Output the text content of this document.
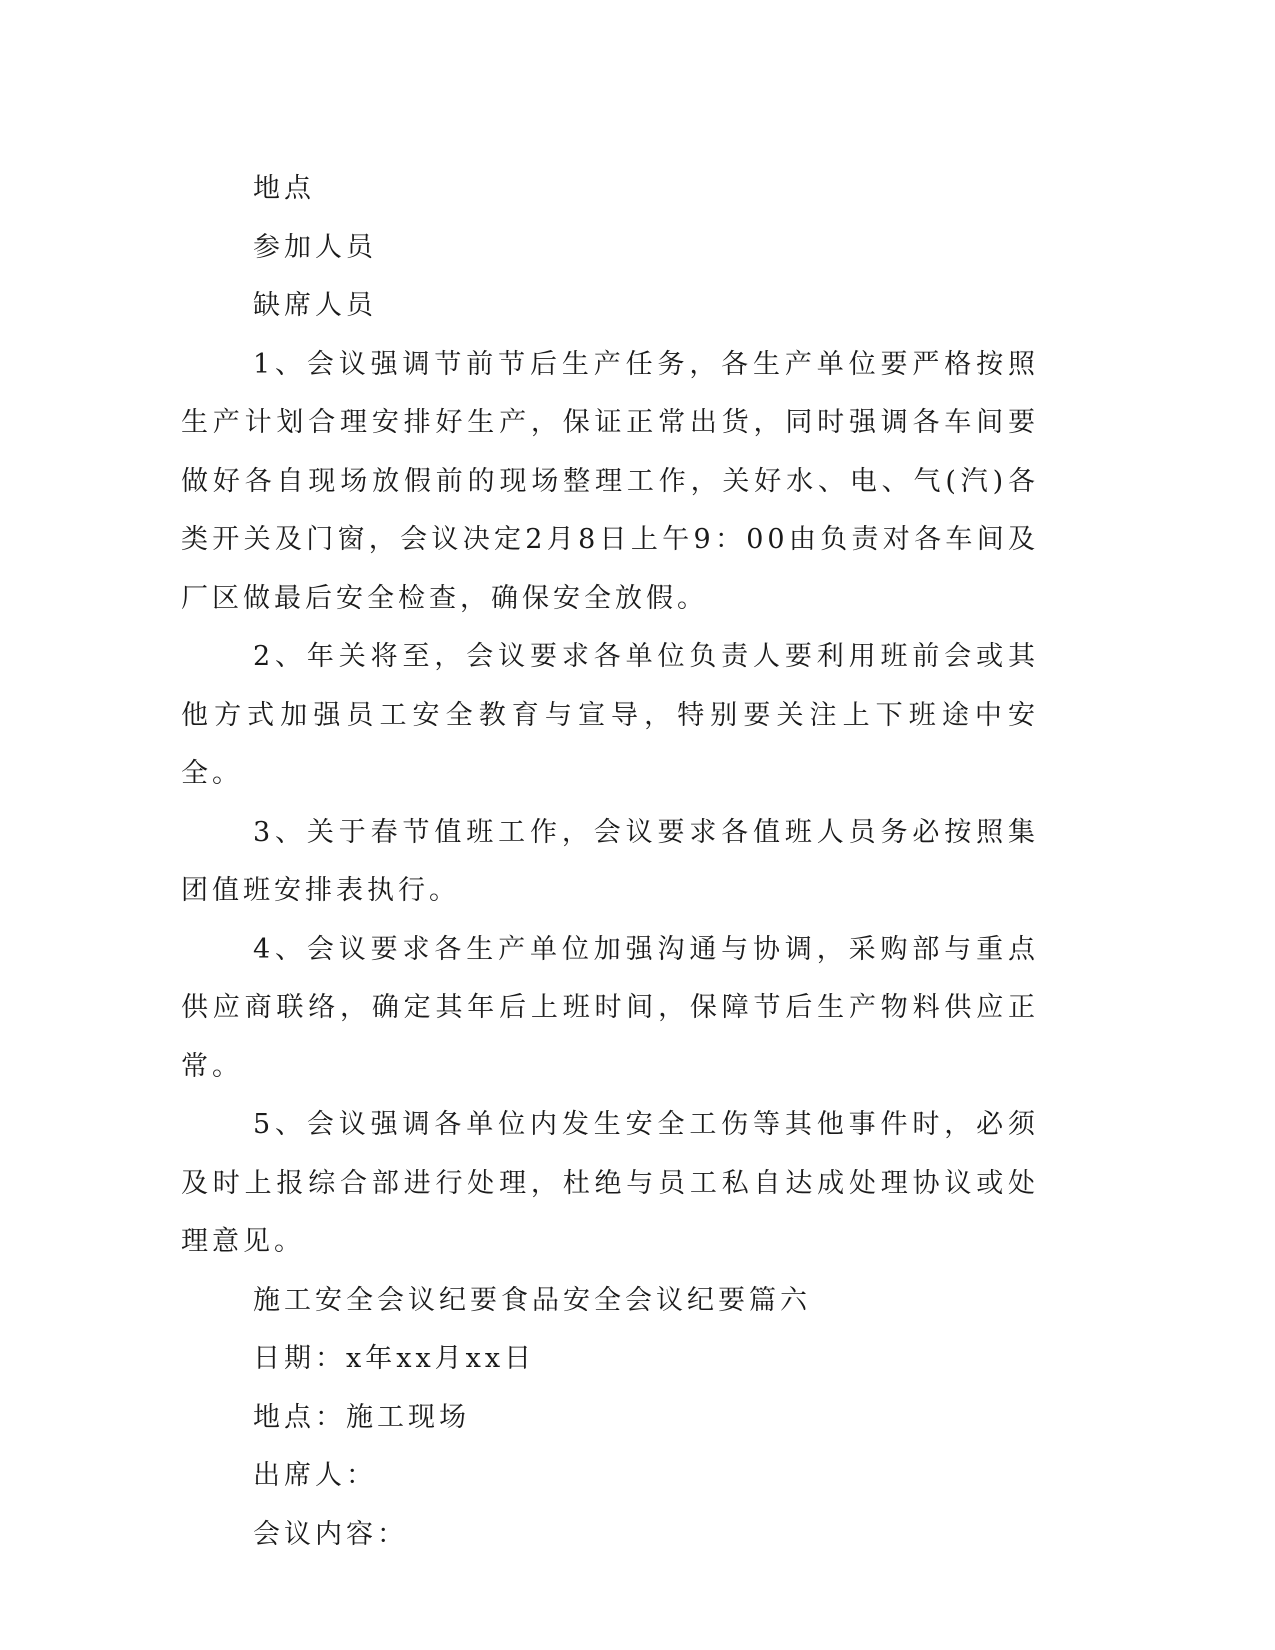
地点

参加人员

缺席人员

1、会议强调节前节后生产任务，各生产单位要严格按照生产计划合理安排好生产，保证正常出货，同时强调各车间要做好各自现场放假前的现场整理工作，关好水、电、气(汽)各类开关及门窗，会议决定2月8日上午9：00由负责对各车间及厂区做最后安全检查，确保安全放假。

2、年关将至，会议要求各单位负责人要利用班前会或其他方式加强员工安全教育与宣导，特别要关注上下班途中安全。

3、关于春节值班工作，会议要求各值班人员务必按照集团值班安排表执行。

4、会议要求各生产单位加强沟通与协调，采购部与重点供应商联络，确定其年后上班时间，保障节后生产物料供应正常。

5、会议强调各单位内发生安全工伤等其他事件时，必须及时上报综合部进行处理，杜绝与员工私自达成处理协议或处理意见。

施工安全会议纪要食品安全会议纪要篇六

日期：x年xx月xx日

地点：施工现场

出席人：

会议内容：
